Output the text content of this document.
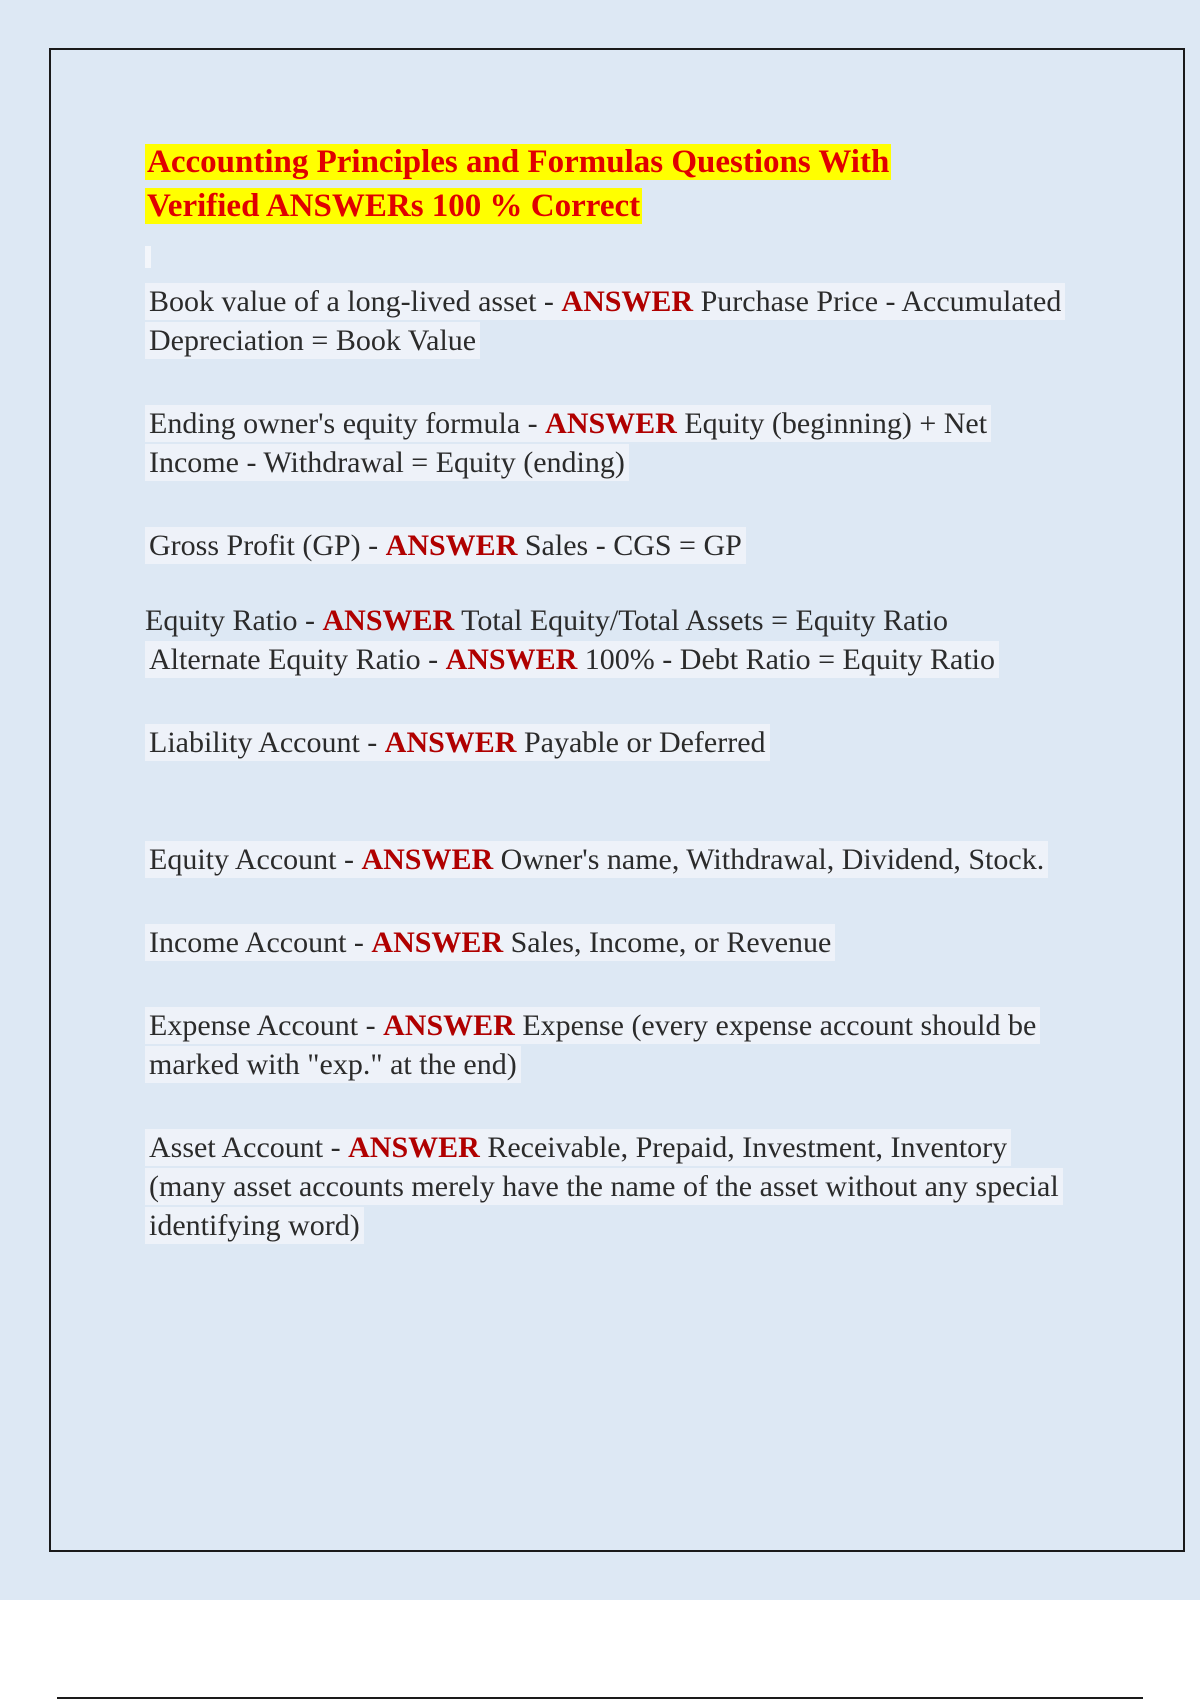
Accounting Principles and Formulas Questions With
Verified ANSWERs 100 % Correct

Book value of a long-lived asset - ANSWER Purchase Price - Accumulated Depreciation = Book Value

Ending owner's equity formula - ANSWER Equity (beginning) + Net Income - Withdrawal = Equity (ending)

Gross Profit (GP) - ANSWER Sales - CGS = GP

Equity Ratio - ANSWER Total Equity/Total Assets = Equity Ratio

Alternate Equity Ratio - ANSWER 100% - Debt Ratio = Equity Ratio

Liability Account - ANSWER Payable or Deferred

Equity Account - ANSWER Owner's name, Withdrawal, Dividend, Stock.

Income Account - ANSWER Sales, Income, or Revenue

Expense Account - ANSWER Expense (every expense account should be marked with "exp." at the end)

Asset Account - ANSWER Receivable, Prepaid, Investment, Inventory (many asset accounts merely have the name of the asset without any special identifying word)
